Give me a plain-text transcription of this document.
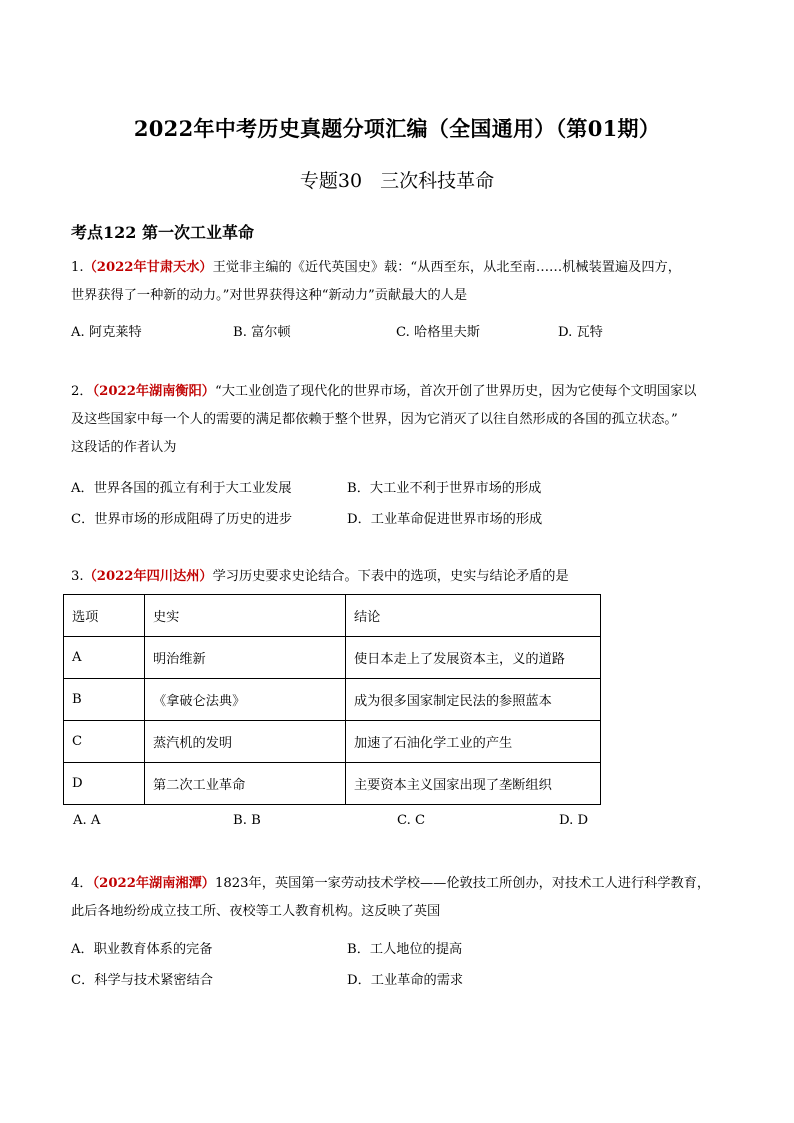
2022年中考历史真题分项汇编（全国通用）（第01期）
专题30 三次科技革命
考点122 第一次工业革命
1.（2022年甘肃天水）王觉非主编的《近代英国史》载：“从西至东，从北至南……机械装置遍及四方，
世界获得了一种新的动力。”对世界获得这种“新动力”贡献最大的人是
A. 阿克莱特	B. 富尔顿	C. 哈格里夫斯	D. 瓦特
2．（2022年湖南衡阳）“大工业创造了现代化的世界市场，首次开创了世界历史，因为它使每个文明国家以
及这些国家中每一个人的需要的满足都依赖于整个世界，因为它消灭了以往自然形成的各国的孤立状态。”
这段话的作者认为
A．世界各国的孤立有利于大工业发展	B．大工业不利于世界市场的形成
C．世界市场的形成阻碍了历史的进步	D．工业革命促进世界市场的形成
3.（2022年四川达州）学习历史要求史论结合。下表中的选项，史实与结论矛盾的是
选项	史实	结论
A	明治维新	使日本走上了发展资本主，义的道路
B	《拿破仑法典》	成为很多国家制定民法的参照蓝本
C	蒸汽机的发明	加速了石油化学工业的产生
D	第二次工业革命	主要资本主义国家出现了垄断组织
A. A	B. B	C. C	D. D
4．（2022年湖南湘潭）1823年，英国第一家劳动技术学校——伦敦技工所创办，对技术工人进行科学教育，
此后各地纷纷成立技工所、夜校等工人教育机构。这反映了英国
A．职业教育体系的完备	B．工人地位的提高
C．科学与技术紧密结合	D．工业革命的需求
